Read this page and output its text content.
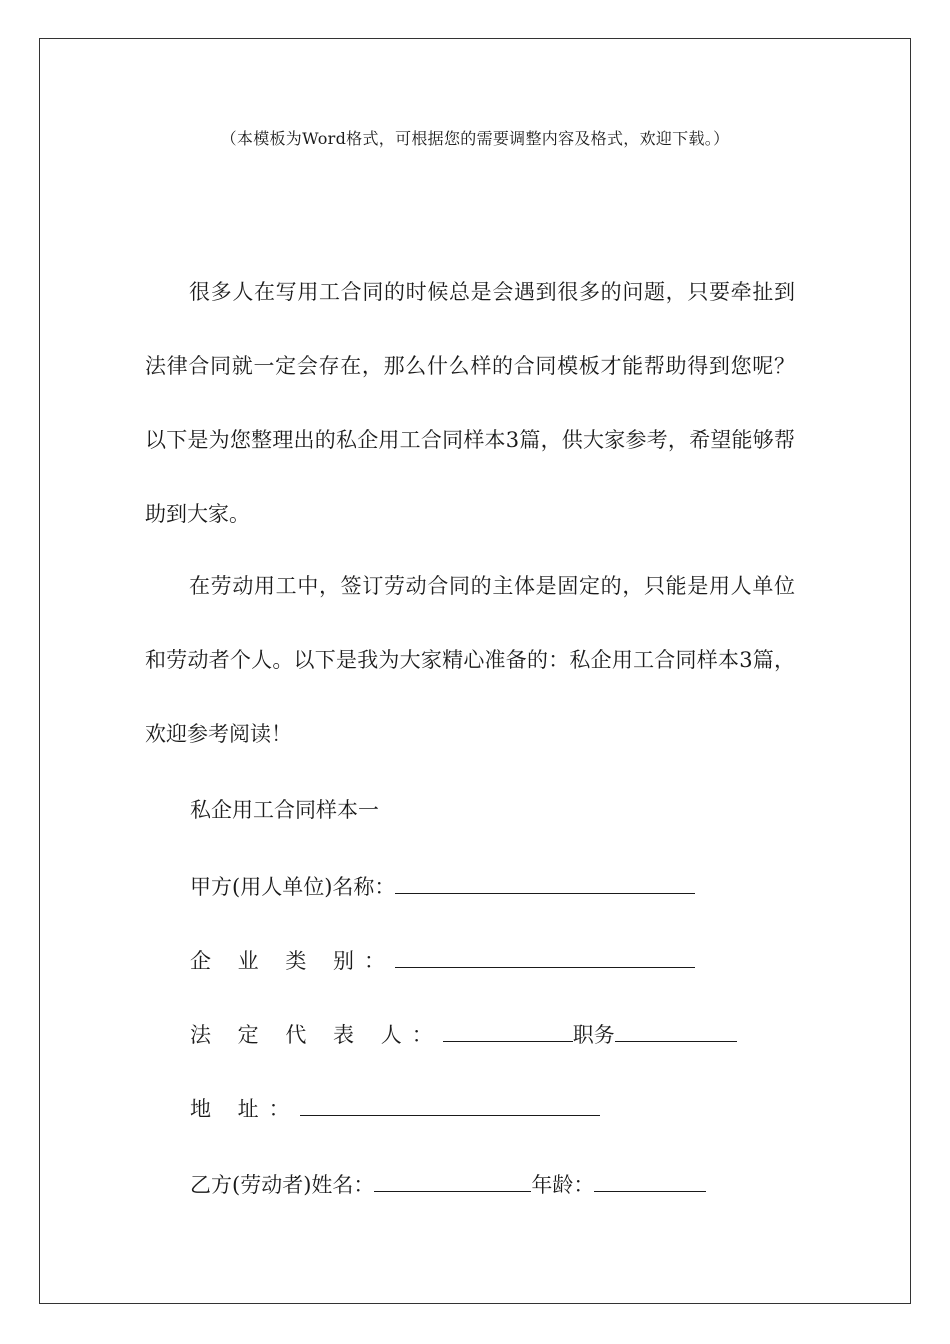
（本模板为Word格式，可根据您的需要调整内容及格式，欢迎下载。）

很多人在写用工合同的时候总是会遇到很多的问题，只要牵扯到法律合同就一定会存在，那么什么样的合同模板才能帮助得到您呢？以下是为您整理出的私企用工合同样本3篇，供大家参考，希望能够帮助到大家。

在劳动用工中，签订劳动合同的主体是固定的，只能是用人单位和劳动者个人。以下是我为大家精心准备的：私企用工合同样本3篇，欢迎参考阅读！

私企用工合同样本一
甲方(用人单位)名称：
企 业 类 别：
法 定 代 表 人：	职务
地 址：
乙方(劳动者)姓名：	年龄：
